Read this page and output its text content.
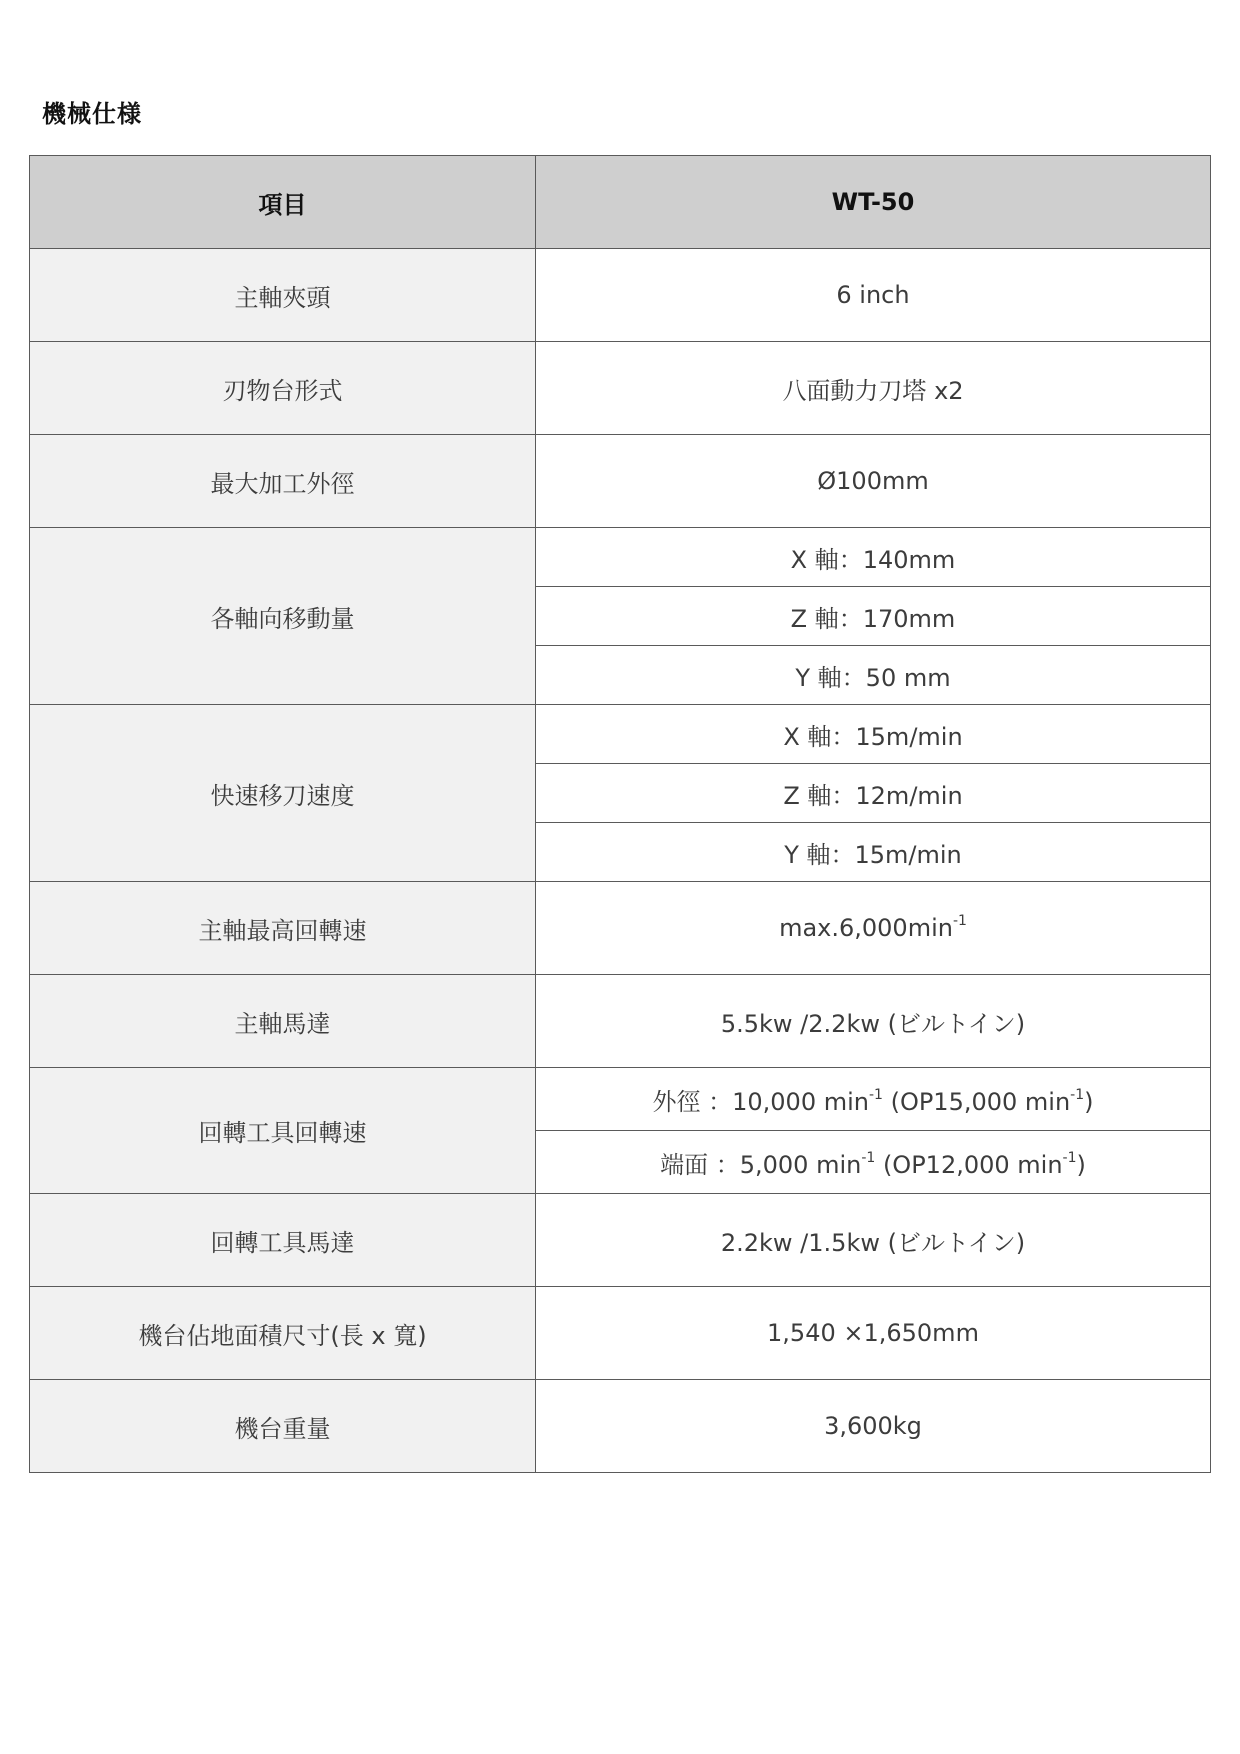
機械仕様
項目	WT-50
主軸夾頭	6 inch
刃物台形式	八面動力刀塔 x2
最大加工外徑	Ø100mm
各軸向移動量	X 軸：140mm
	Z 軸：170mm
	Y 軸：50 mm
快速移刀速度	X 軸：15m/min
	Z 軸：12m/min
	Y 軸：15m/min
主軸最高回轉速	$\max.6,000\min^{-1}$
主軸馬達	5.5kw /2.2kw (ビルトイン)
回轉工具回轉速	外徑 ：10,000 $\min^{-1} (OP15,000$ $\min^{-1}$)
	端面 ：5,000 $\min^{-1} (OP12,000$ $\min^{-1}$)
回轉工具馬達	2.2kw /1.5kw (ビルトイン)
機台佔地面積尺寸(長 x 寬)	1,540 ×1,650mm
機台重量	3,600kg
